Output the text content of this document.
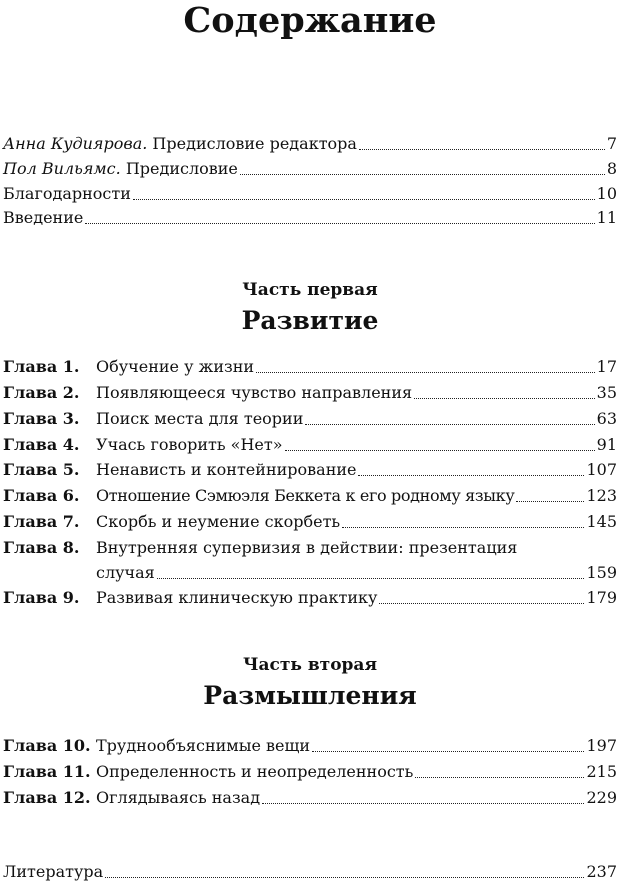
Содержание
Анна Кудиярова. Предисловие редактора	7
Пол Вильямс. Предисловие	8
Благодарности	10
Введение	11
Часть первая
Развитие
Глава 1.	Обучение у жизни	17
Глава 2.	Появляющееся чувство направления	35
Глава 3.	Поиск места для теории	63
Глава 4.	Учась говорить «Нет»	91
Глава 5.	Ненависть и контейнирование	107
Глава 6.	Отношение Сэмюэля Беккета к его родному языку	123
Глава 7.	Скорбь и неумение скорбеть	145
Глава 8.	Внутренняя супервизия в действии: презентация
случая	159
Глава 9.	Развивая клиническую практику	179
Часть вторая
Размышления
Глава 10. Труднообъяснимые вещи	197
Глава 11. Определенность и неопределенность	215
Глава 12. Оглядываясь назад	229
Литература	237
